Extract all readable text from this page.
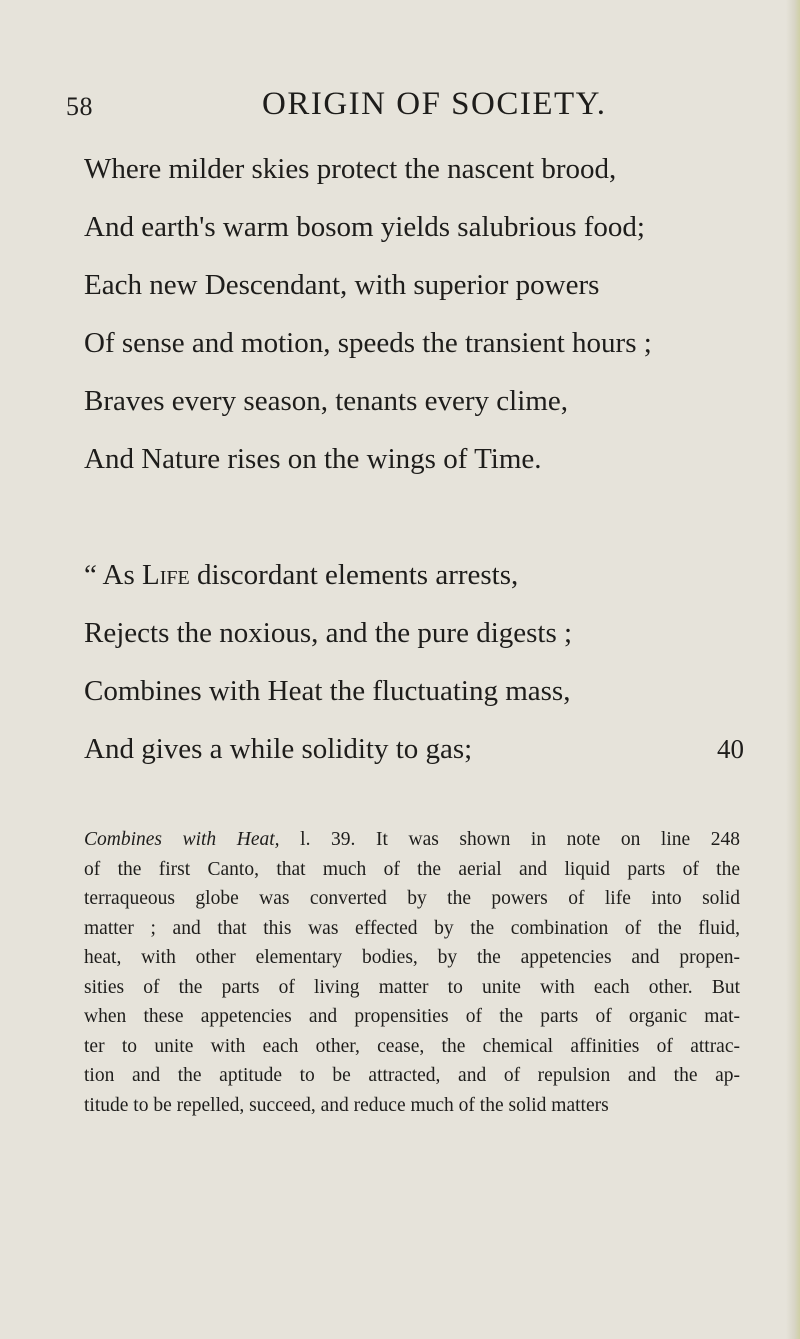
58	ORIGIN OF SOCIETY.
Where milder skies protect the nascent brood,
And earth's warm bosom yields salubrious food;
Each new Descendant, with superior powers
Of sense and motion, speeds the transient hours ;
Braves every season, tenants every clime,
And Nature rises on the wings of Time.
“ As Life discordant elements arrests,
Rejects the noxious, and the pure digests ;
Combines with Heat the fluctuating mass,
And gives a while solidity to gas;	40
Combines with Heat, l. 39. It was shown in note on line 248
of the first Canto, that much of the aerial and liquid parts of the
terraqueous globe was converted by the powers of life into solid
matter ; and that this was effected by the combination of the fluid,
heat, with other elementary bodies, by the appetencies and propen-
sities of the parts of living matter to unite with each other. But
when these appetencies and propensities of the parts of organic mat-
ter to unite with each other, cease, the chemical affinities of attrac-
tion and the aptitude to be attracted, and of repulsion and the ap-
titude to be repelled, succeed, and reduce much of the solid matters
